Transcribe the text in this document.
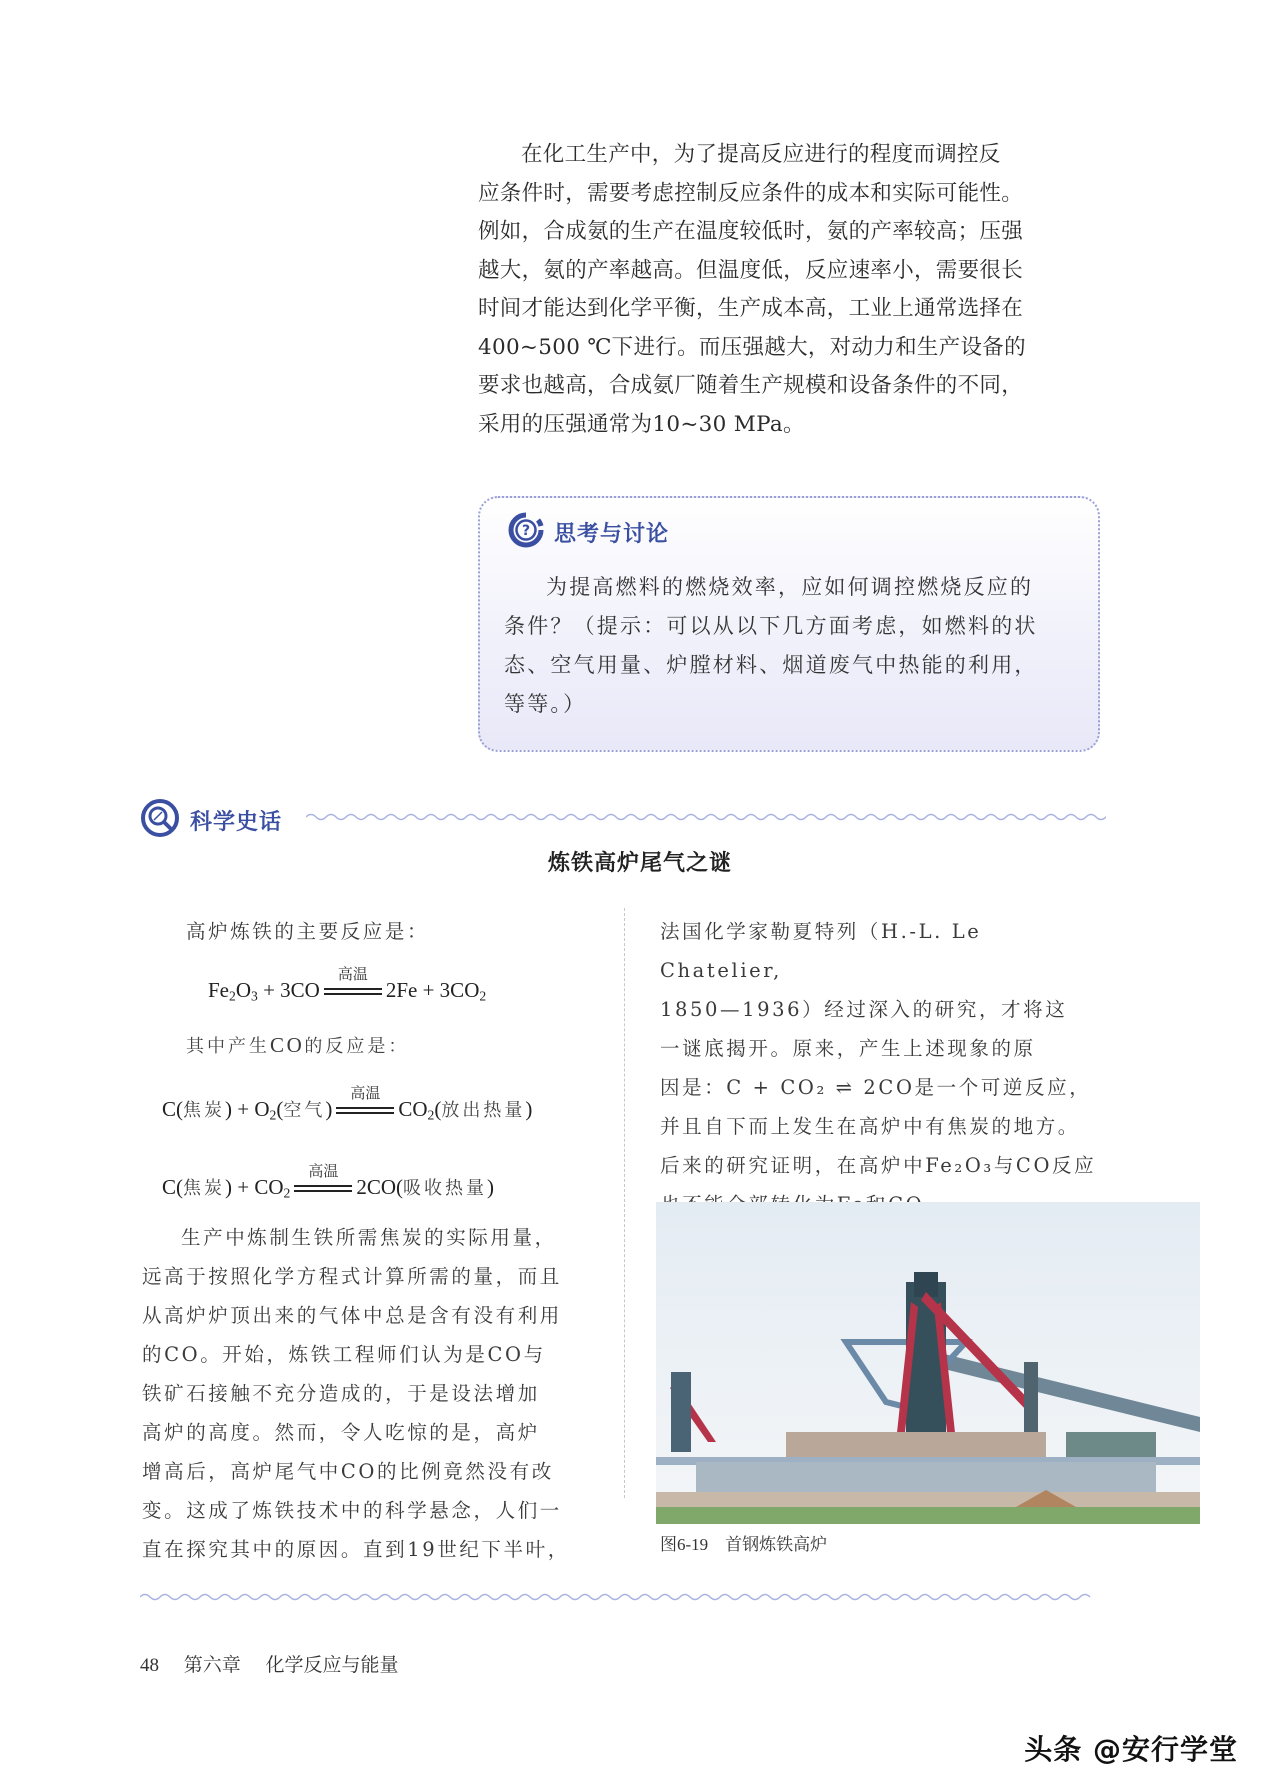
在化工生产中，为了提高反应进行的程度而调控反

应条件时，需要考虑控制反应条件的成本和实际可能性。

例如，合成氨的生产在温度较低时，氨的产率较高；压强

越大，氨的产率越高。但温度低，反应速率小，需要很长

时间才能达到化学平衡，生产成本高，工业上通常选择在

400~500 ℃下进行。而压强越大，对动力和生产设备的

要求也越高，合成氨厂随着生产规模和设备条件的不同，

采用的压强通常为10~30 MPa。

? 思考与讨论
为提高燃料的燃烧效率，应如何调控燃烧反应的
条件？（提示：可以从以下几方面考虑，如燃料的状
态、空气用量、炉膛材料、烟道废气中热能的利用，
等等。）
科学史话
炼铁高炉尾气之谜
高炉炼铁的主要反应是：
$Fe_2O_3 + 3CO$
高温
$2Fe + 3CO_2$
其中产生CO的反应是：
C(焦炭) + $O_2$(空气)
高温
$CO_2$(放出热量)
C(焦炭) + $CO_2$
高温
2CO(吸收热量)
生产中炼制生铁所需焦炭的实际用量，
远高于按照化学方程式计算所需的量，而且
从高炉炉顶出来的气体中总是含有没有利用
的CO。开始，炼铁工程师们认为是CO与
铁矿石接触不充分造成的，于是设法增加
高炉的高度。然而，令人吃惊的是，高炉
增高后，高炉尾气中CO的比例竟然没有改
变。这成了炼铁技术中的科学悬念，人们一
直在探究其中的原因。直到19世纪下半叶，
法国化学家勒夏特列（H.-L. Le Chatelier,
1850—1936）经过深入的研究，才将这
一谜底揭开。原来，产生上述现象的原
因是：C + CO₂ ⇌ 2CO是一个可逆反应，
并且自下而上发生在高炉中有焦炭的地方。
后来的研究证明，在高炉中Fe₂O₃与CO反应
图6-19　首钢炼铁高炉
48 第六章 化学反应与能量
头条 @安行学堂
